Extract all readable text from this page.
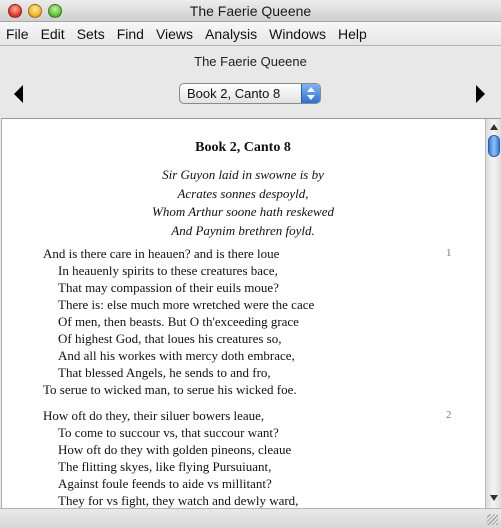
The Faerie Queene
File Edit Sets Find Views Analysis Windows Help
The Faerie Queene
Book 2, Canto 8
Book 2, Canto 8
Sir Guyon laid in swowne is by
Acrates sonnes despoyld,
Whom Arthur soone hath reskewed
And Paynim brethren foyld.
And is there care in heauen? and is there loue
In heauenly spirits to these creatures bace,
That may compassion of their euils moue?
There is: else much more wretched were the cace
Of men, then beasts. But O th'exceeding grace
Of highest God, that loues his creatures so,
And all his workes with mercy doth embrace,
That blessed Angels, he sends to and fro,
To serue to wicked man, to serue his wicked foe.
1
How oft do they, their siluer bowers leaue,
To come to succour vs, that succour want?
How oft do they with golden pineons, cleaue
The flitting skyes, like flying Pursuiuant,
Against foule feends to aide vs millitant?
They for vs fight, they watch and dewly ward,
2
